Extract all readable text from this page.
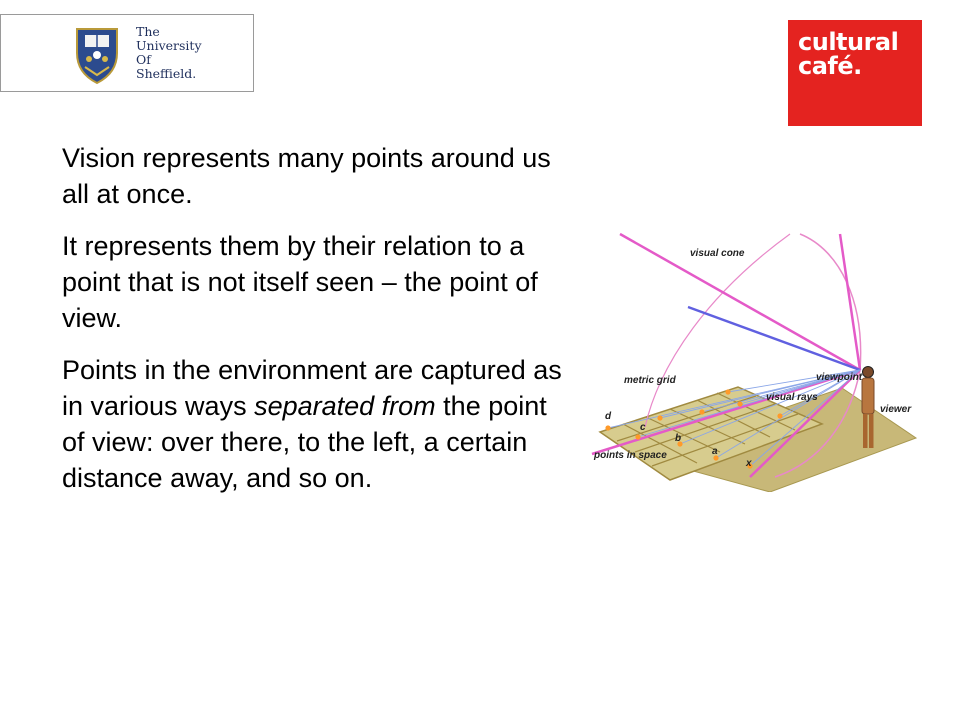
The
University
Of
Sheffield.
cultural
café.

Vision represents many points around us all at once.

It represents them by their relation to a point that is not itself seen – the point of view.

Points in the environment are captured as in various ways separated from the point of view: over there, to the left, a certain distance away, and so on.

visual cone
metric grid	viewpoint
visual rays
viewer
points in space
d
c
b
a
x
